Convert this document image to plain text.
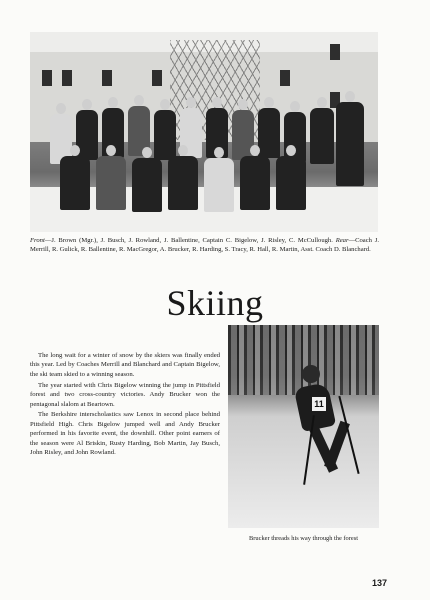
Front—J. Brown (Mgr.), J. Busch, J. Rowland, J. Ballentine, Captain C. Bigelow, J. Risley, C. McCullough. Rear—Coach J. Merrill, R. Gulick, R. Ballentine, R. MacGregor, A. Brucker, R. Harding, S. Tracy, R. Hall, R. Martin, Asst. Coach D. Blanchard.

Skiing

The long wait for a winter of snow by the skiers was finally ended this year. Led by Coaches Merrill and Blanchard and Captain Bigelow, the ski team skied to a winning season.

The year started with Chris Bigelow winning the jump in Pittsfield forest and two cross-country victories. Andy Brucker won the pentagonal slalom at Beartown.

The Berkshire interscholastics saw Lenox in second place behind Pittsfield High. Chris Bigelow jumped well and Andy Brucker performed in his favorite event, the downhill. Other point earners of the season were Al Briskin, Rusty Harding, Bob Martin, Jay Busch, John Risley, and John Rowland.

11

Brucker threads his way through the forest

137
